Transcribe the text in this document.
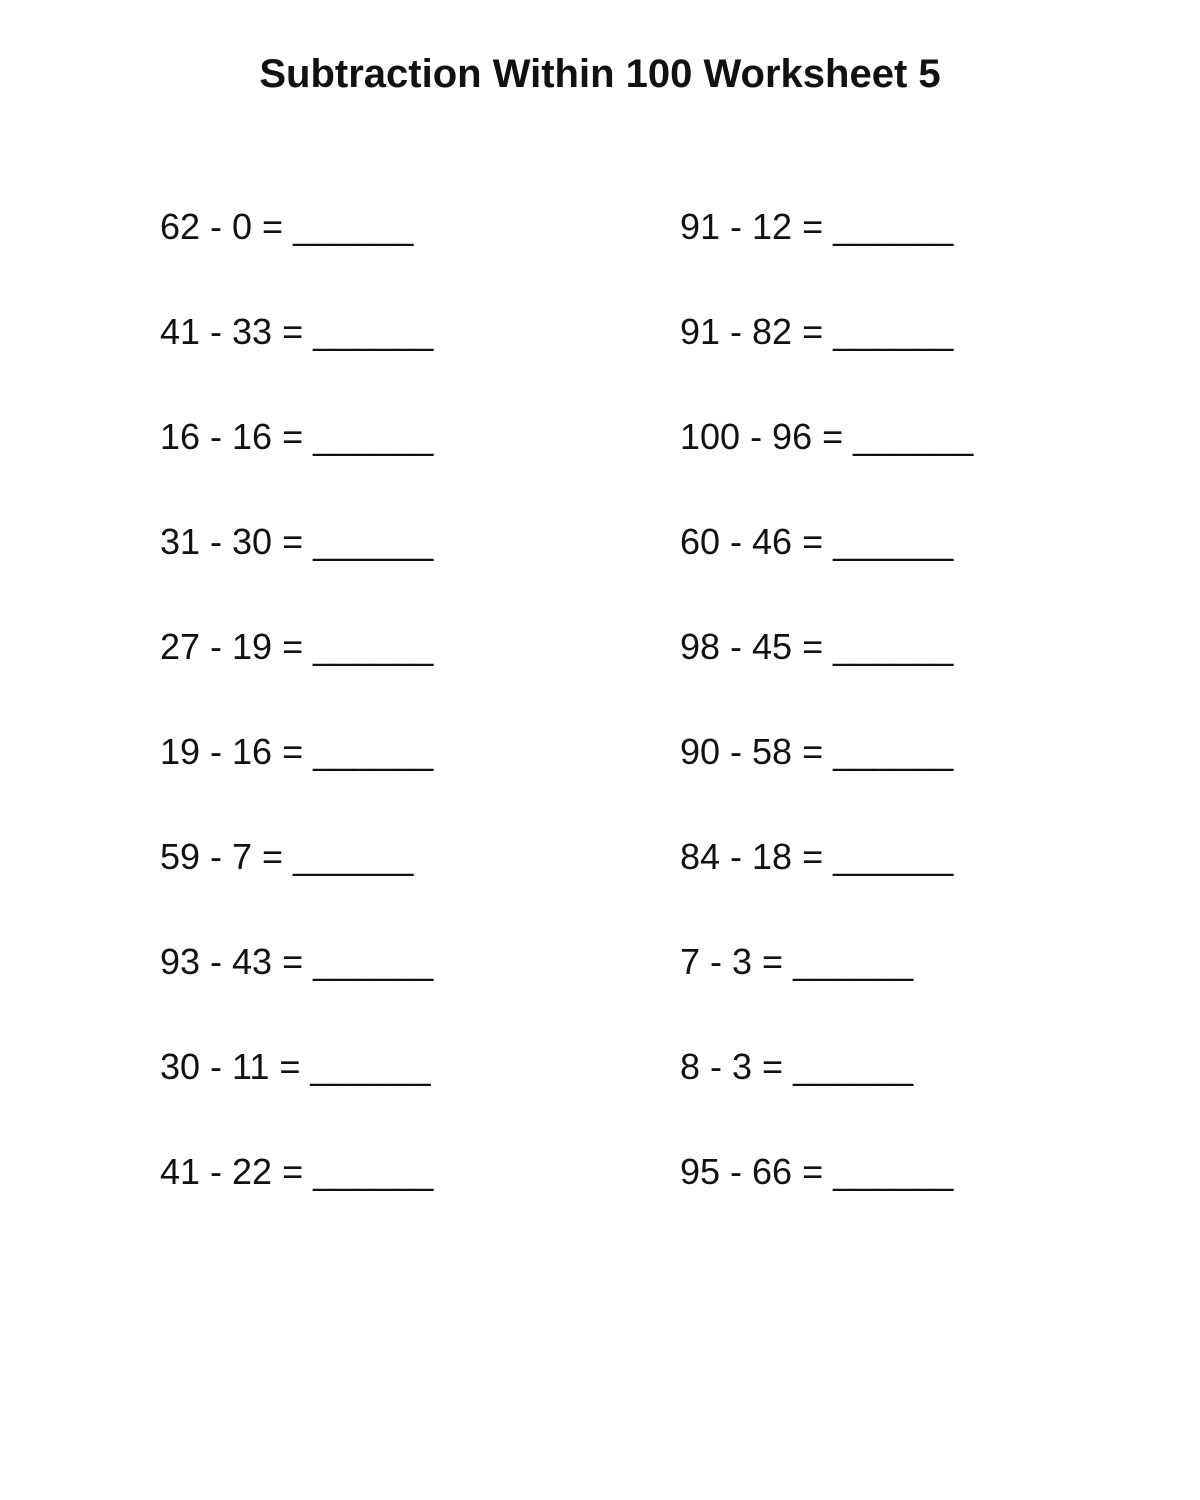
Subtraction Within 100 Worksheet 5
62 - 0 = ______
41 - 33 = ______
16 - 16 = ______
31 - 30 = ______
27 - 19 = ______
19 - 16 = ______
59 - 7 = ______
93 - 43 = ______
30 - 11 = ______
41 - 22 = ______
91 - 12 = ______
91 - 82 = ______
100 - 96 = ______
60 - 46 = ______
98 - 45 = ______
90 - 58 = ______
84 - 18 = ______
7 - 3 = ______
8 - 3 = ______
95 - 66 = ______
